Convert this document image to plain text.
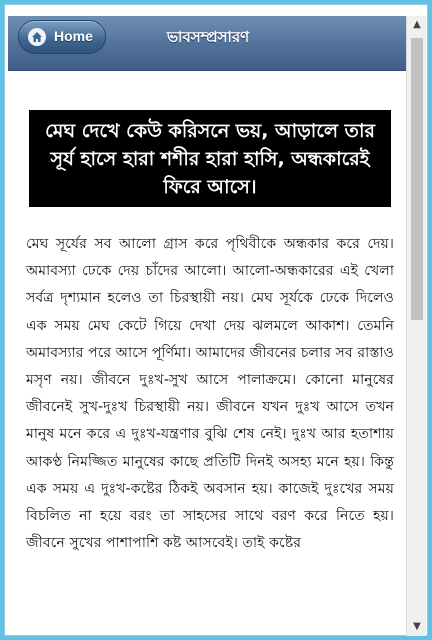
Home	ভাবসম্প্রসারণ
মেঘ দেখে কেউ করিসনে ভয়, আড়ালে তার সূর্য হাসে হারা শশীর হারা হাসি, অন্ধকারেই ফিরে আসে।

মেঘ সূর্যের সব আলো গ্রাস করে পৃথিবীকে অন্ধকার করে দেয়। অমাবস্যা ঢেকে দেয় চাঁদের আলো। আলো-অন্ধকারের এই খেলা সর্বত্র দৃশ্যমান হলেও তা চিরস্থায়ী নয়। মেঘ সূর্যকে ঢেকে দিলেও এক সময় মেঘ কেটে গিয়ে দেখা দেয় ঝলমলে আকাশ। তেমনি অমাবস্যার পরে আসে পূর্ণিমা। আমাদের জীবনের চলার সব রাস্তাও মসৃণ নয়। জীবনে দুঃখ-সুখ আসে পালাক্রমে। কোনো মানুষের জীবনেই সুখ-দুঃখ চিরস্থায়ী নয়। জীবনে যখন দুঃখ আসে তখন মানুষ মনে করে এ দুঃখ-যন্ত্রণার বুঝি শেষ নেই। দুঃখ আর হতাশায় আকণ্ঠ নিমজ্জিত মানুষের কাছে প্রতিটি দিনই অসহ্য মনে হয়। কিন্তু এক সময় এ দুঃখ-কষ্টের ঠিকই অবসান হয়। কাজেই দুঃখের সময় বিচলিত না হয়ে বরং তা সাহসের সাথে বরণ করে নিতে হয়। জীবনে সুখের পাশাপাশি কষ্ট আসবেই। তাই কষ্টের

▲
▼
